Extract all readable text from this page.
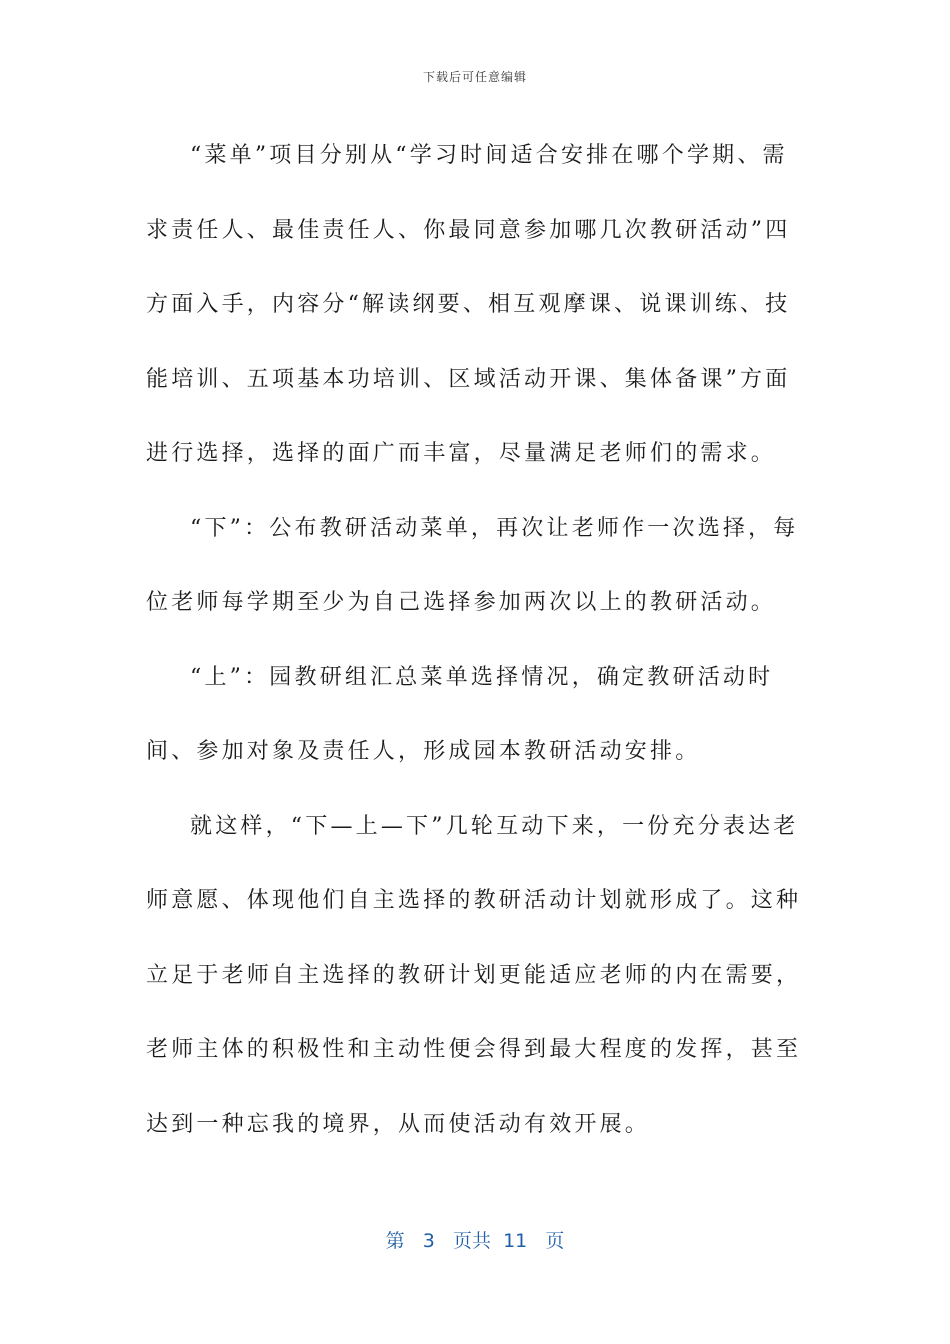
下载后可任意编辑

“菜单”项目分别从“学习时间适合安排在哪个学期、需求责任人、最佳责任人、你最同意参加哪几次教研活动”四方面入手，内容分“解读纲要、相互观摩课、说课训练、技能培训、五项基本功培训、区域活动开课、集体备课”方面进行选择，选择的面广而丰富，尽量满足老师们的需求。

“下”：公布教研活动菜单，再次让老师作一次选择，每位老师每学期至少为自己选择参加两次以上的教研活动。

“上”：园教研组汇总菜单选择情况，确定教研活动时间、参加对象及责任人，形成园本教研活动安排。

就这样，“下—上—下”几轮互动下来，一份充分表达老师意愿、体现他们自主选择的教研活动计划就形成了。这种立足于老师自主选择的教研计划更能适应老师的内在需要，老师主体的积极性和主动性便会得到最大程度的发挥，甚至达到一种忘我的境界，从而使活动有效开展。

第 3 页共 11 页
